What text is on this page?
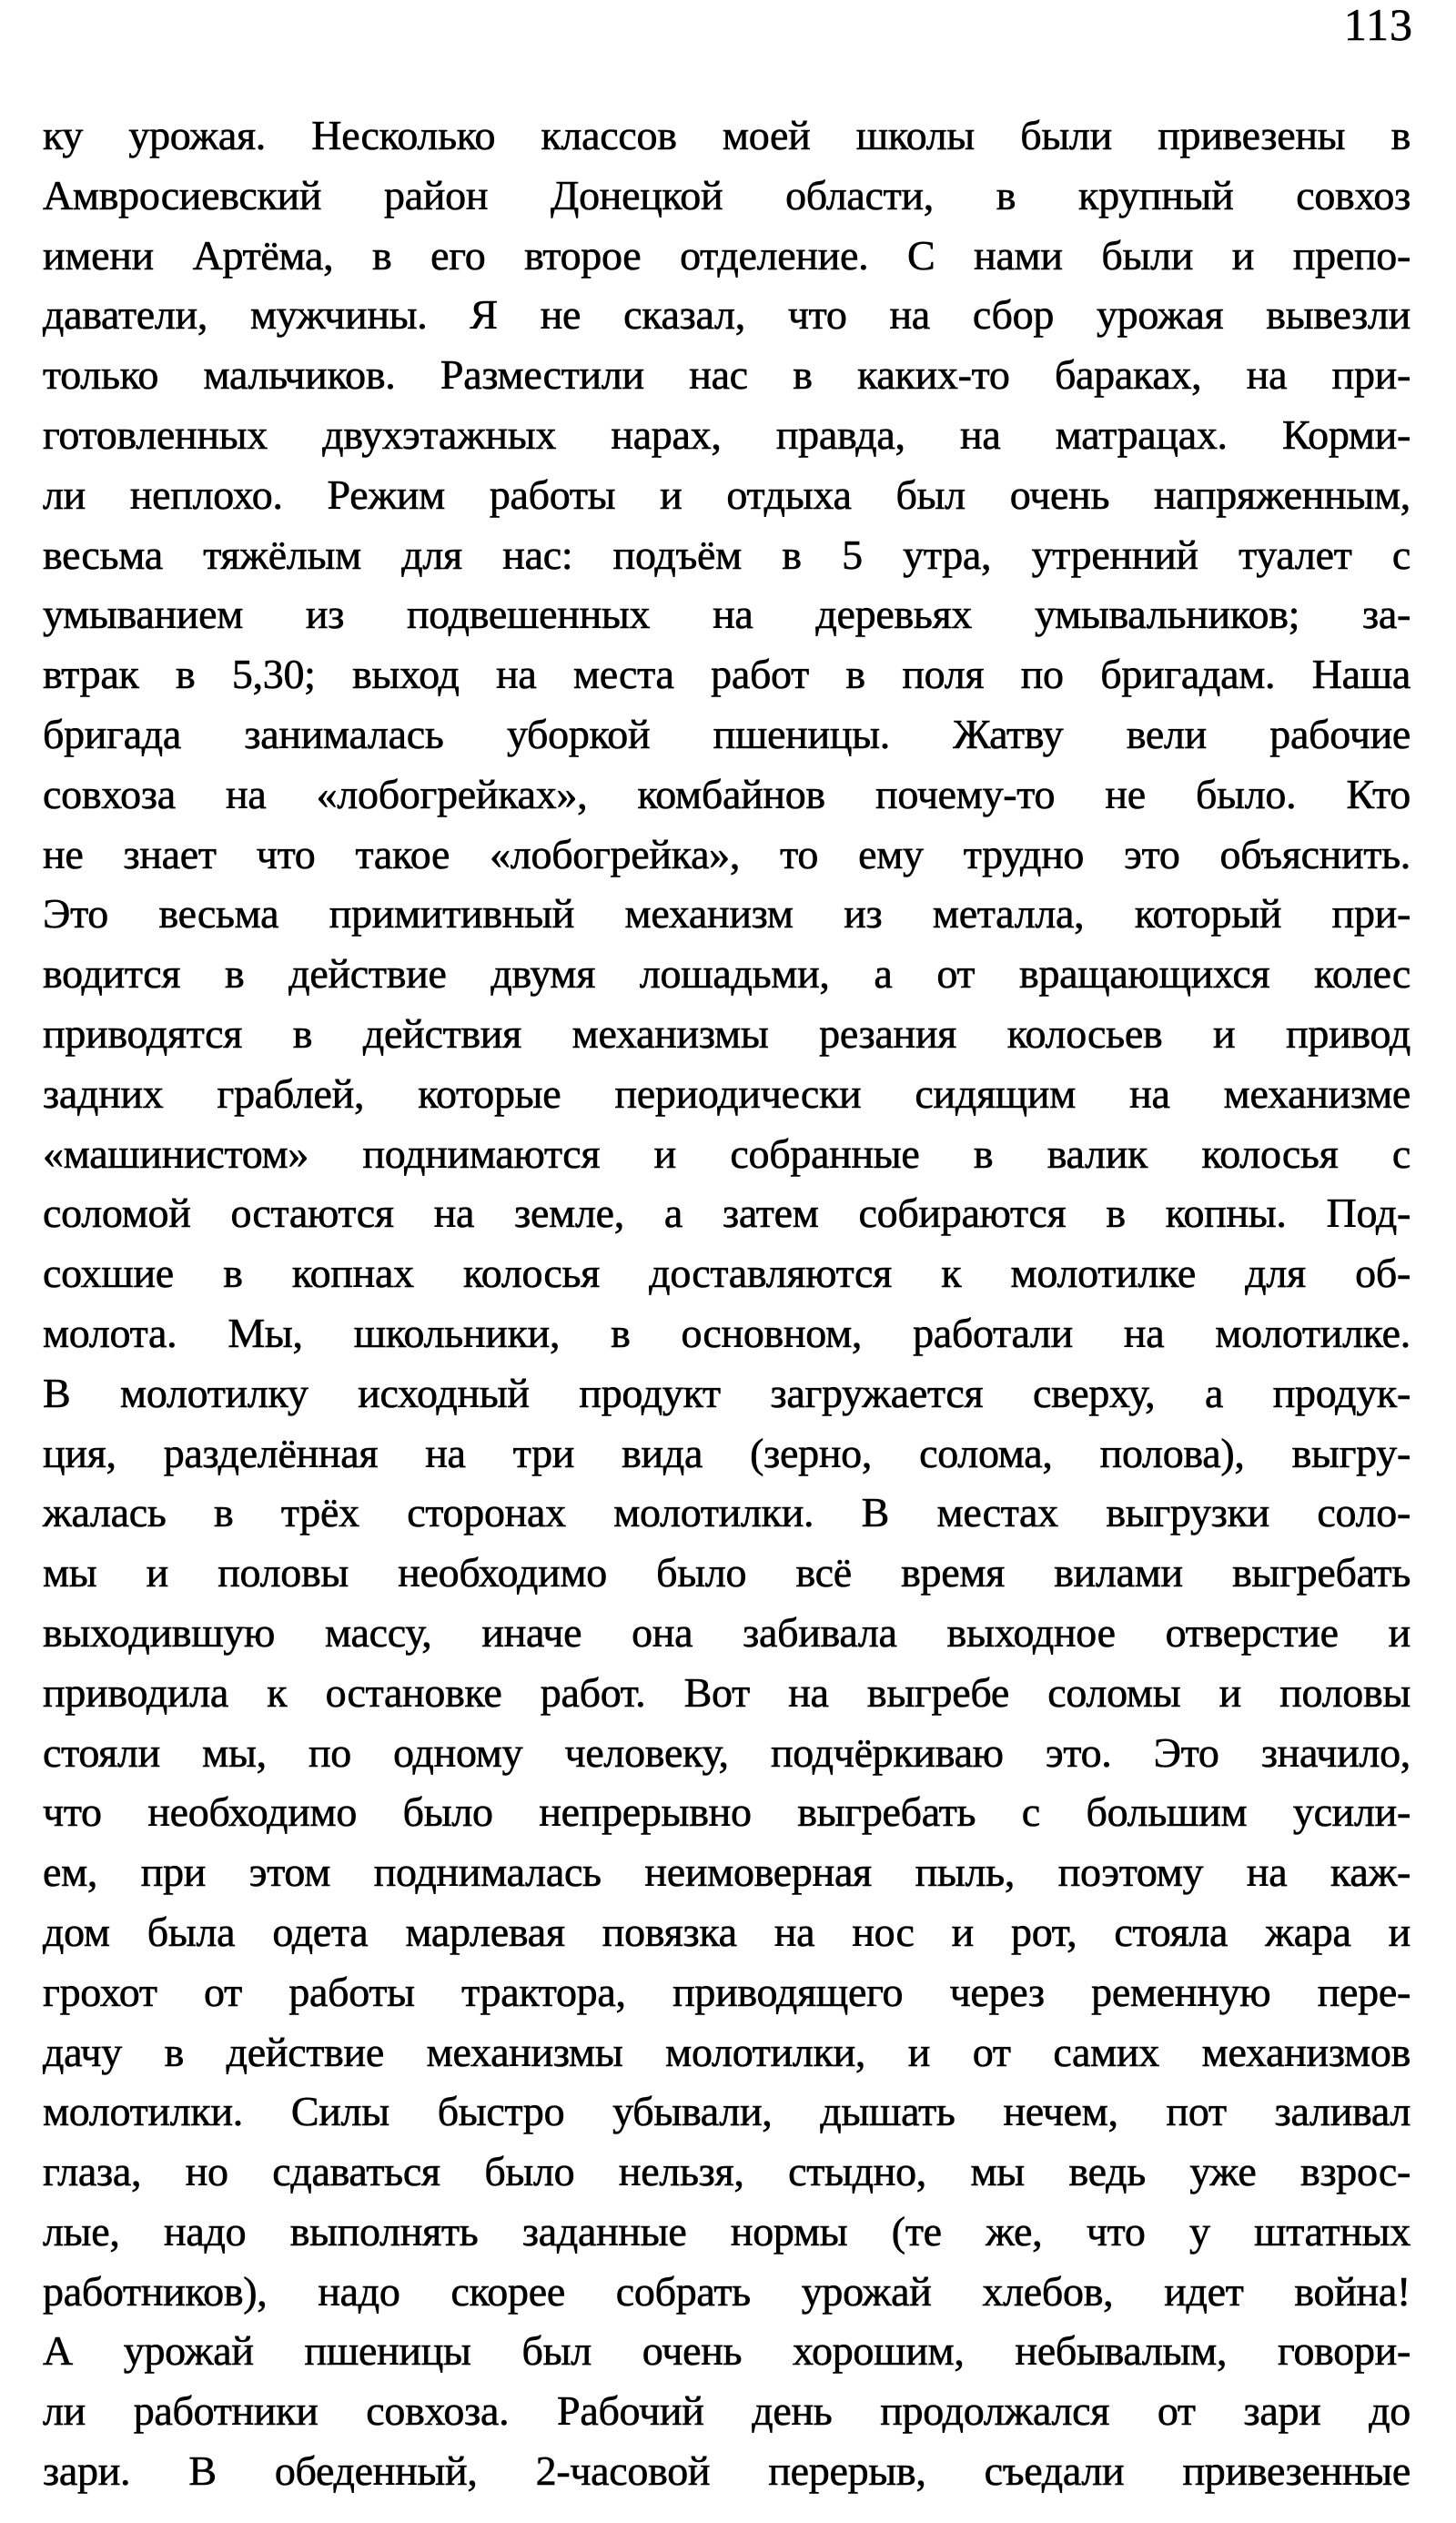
113
ку урожая. Несколько классов моей школы были привезены в
Амвросиевский район Донецкой области, в крупный совхоз
имени Артёма, в его второе отделение. С нами были и препо-
даватели, мужчины. Я не сказал, что на сбор урожая вывезли
только мальчиков. Разместили нас в каких-то бараках, на при-
готовленных двухэтажных нарах, правда, на матрацах. Корми-
ли неплохо. Режим работы и отдыха был очень напряженным,
весьма тяжёлым для нас: подъём в 5 утра, утренний туалет с
умыванием из подвешенных на деревьях умывальников; за-
втрак в 5,30; выход на места работ в поля по бригадам. Наша
бригада занималась уборкой пшеницы. Жатву вели рабочие
совхоза на «лобогрейках», комбайнов почему-то не было. Кто
не знает что такое «лобогрейка», то ему трудно это объяснить.
Это весьма примитивный механизм из металла, который при-
водится в действие двумя лошадьми, а от вращающихся колес
приводятся в действия механизмы резания колосьев и привод
задних граблей, которые периодически сидящим на механизме
«машинистом» поднимаются и собранные в валик колосья с
соломой остаются на земле, а затем собираются в копны. Под-
сохшие в копнах колосья доставляются к молотилке для об-
молота. Мы, школьники, в основном, работали на молотилке.
В молотилку исходный продукт загружается сверху, а продук-
ция, разделённая на три вида (зерно, солома, полова), выгру-
жалась в трёх сторонах молотилки. В местах выгрузки соло-
мы и половы необходимо было всё время вилами выгребать
выходившую массу, иначе она забивала выходное отверстие и
приводила к остановке работ. Вот на выгребе соломы и половы
стояли мы, по одному человеку, подчёркиваю это. Это значило,
что необходимо было непрерывно выгребать с большим усили-
ем, при этом поднималась неимоверная пыль, поэтому на каж-
дом была одета марлевая повязка на нос и рот, стояла жара и
грохот от работы трактора, приводящего через ременную пере-
дачу в действие механизмы молотилки, и от самих механизмов
молотилки. Силы быстро убывали, дышать нечем, пот заливал
глаза, но сдаваться было нельзя, стыдно, мы ведь уже взрос-
лые, надо выполнять заданные нормы (те же, что у штатных
работников), надо скорее собрать урожай хлебов, идет война!
А урожай пшеницы был очень хорошим, небывалым, говори-
ли работники совхоза. Рабочий день продолжался от зари до
зари. В обеденный, 2-часовой перерыв, съедали привезенные
